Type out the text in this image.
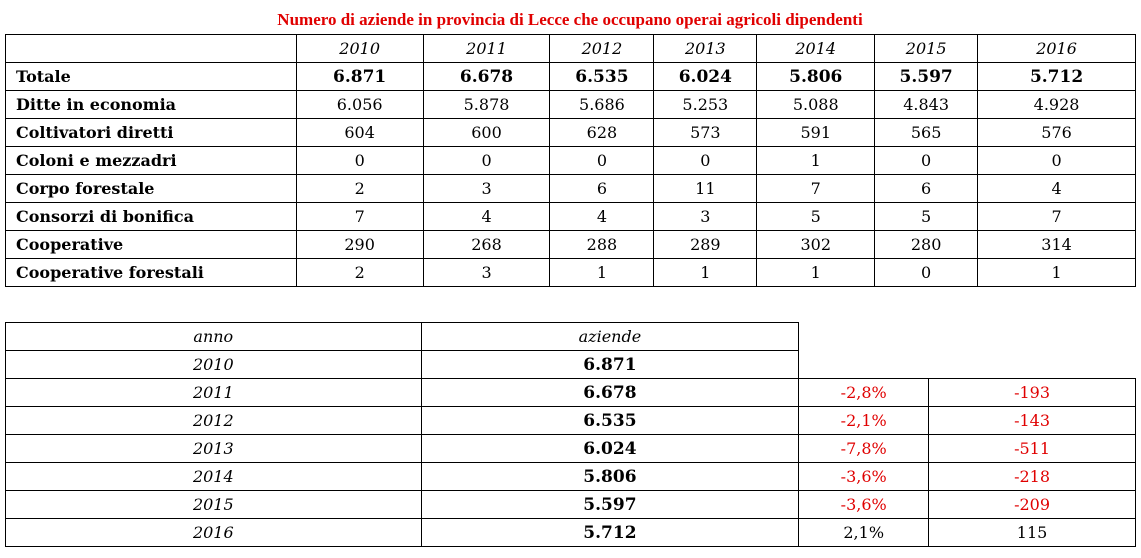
Numero di aziende in provincia di Lecce che occupano operai agricoli dipendenti
	2010	2011	2012	2013	2014	2015	2016
Totale	6.871	6.678	6.535	6.024	5.806	5.597	5.712
Ditte in economia	6.056	5.878	5.686	5.253	5.088	4.843	4.928
Coltivatori diretti	604	600	628	573	591	565	576
Coloni e mezzadri	0	0	0	0	1	0	0
Corpo forestale	2	3	6	11	7	6	4
Consorzi di bonifica	7	4	4	3	5	5	7
Cooperative	290	268	288	289	302	280	314
Cooperative forestali	2	3	1	1	1	0	1
anno	aziende		
2010	6.871		
2011	6.678	-2,8%	-193
2012	6.535	-2,1%	-143
2013	6.024	-7,8%	-511
2014	5.806	-3,6%	-218
2015	5.597	-3,6%	-209
2016	5.712	2,1%	115
